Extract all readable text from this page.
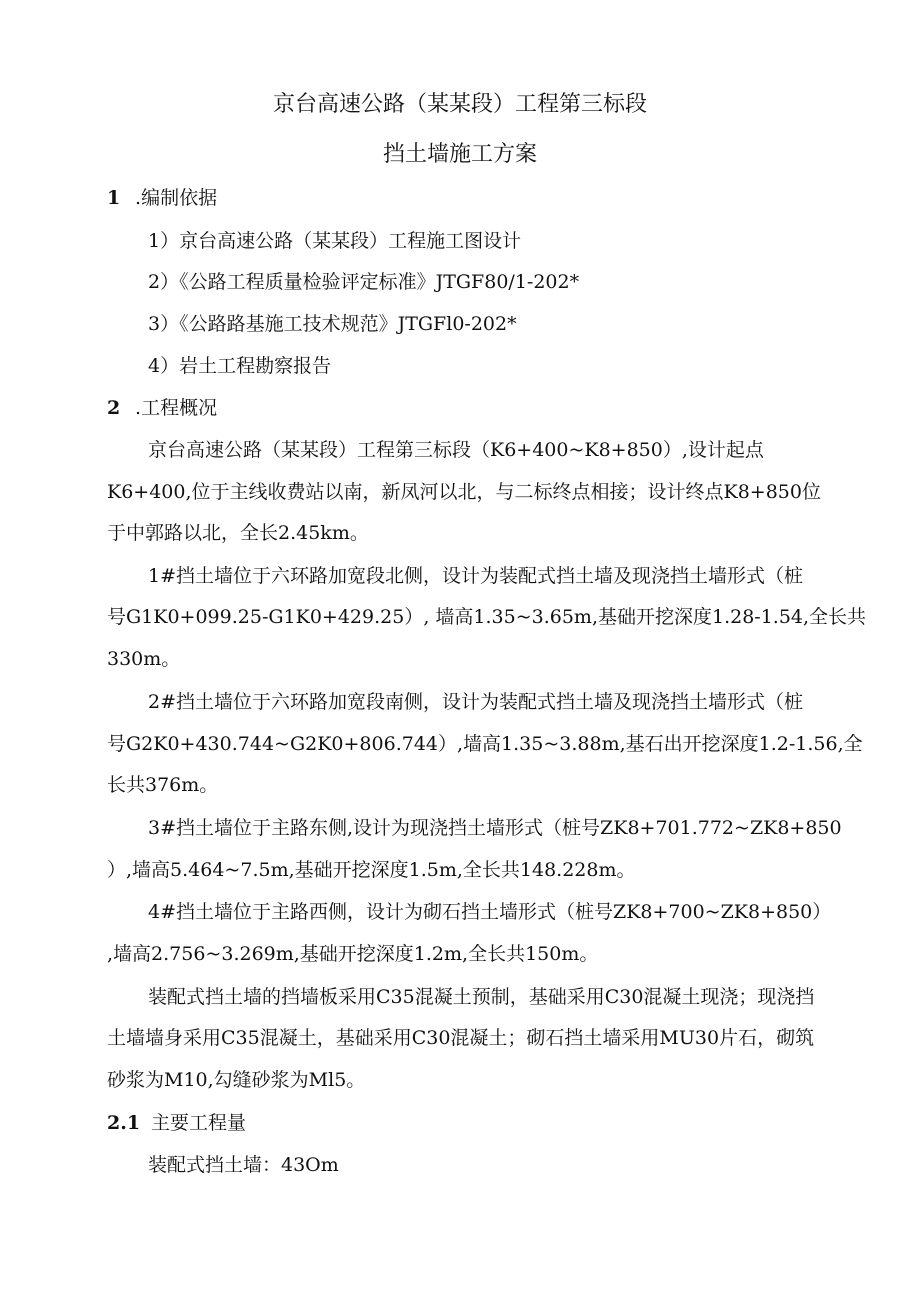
京台高速公路（某某段）工程第三标段
挡土墙施工方案
1 .编制依据
1）京台高速公路（某某段）工程施工图设计
2）《公路工程质量检验评定标准》JTGF80/1-202*
3）《公路路基施工技术规范》JTGFl0-202*
4）岩土工程勘察报告
2 .工程概况
京台高速公路（某某段）工程第三标段（K6+400~K8+850）,设计起点
K6+400,位于主线收费站以南，新凤河以北，与二标终点相接；设计终点K8+850位
于中郭路以北，全长2.45km。
1#挡土墙位于六环路加宽段北侧，设计为装配式挡土墙及现浇挡土墙形式（桩
号G1K0+099.25-G1K0+429.25）, 墙高1.35~3.65m,基础开挖深度1.28-1.54,全长共
330m。
2#挡土墙位于六环路加宽段南侧，设计为装配式挡土墙及现浇挡土墙形式（桩
号G2K0+430.744~G2K0+806.744）,墙高1.35~3.88m,基石出开挖深度1.2-1.56,全
长共376m。
3#挡土墙位于主路东侧,设计为现浇挡土墙形式（桩号ZK8+701.772~ZK8+850
）,墙高5.464~7.5m,基础开挖深度1.5m,全长共148.228m。
4#挡土墙位于主路西侧，设计为砌石挡土墙形式（桩号ZK8+700~ZK8+850）
,墙高2.756~3.269m,基础开挖深度1.2m,全长共150m。
装配式挡土墙的挡墙板采用C35混凝土预制，基础采用C30混凝土现浇；现浇挡
土墙墙身采用C35混凝土，基础采用C30混凝土；砌石挡土墙采用MU30片石，砌筑
砂浆为M10,勾缝砂浆为Ml5。
2.1 主要工程量
装配式挡土墙：43Om
